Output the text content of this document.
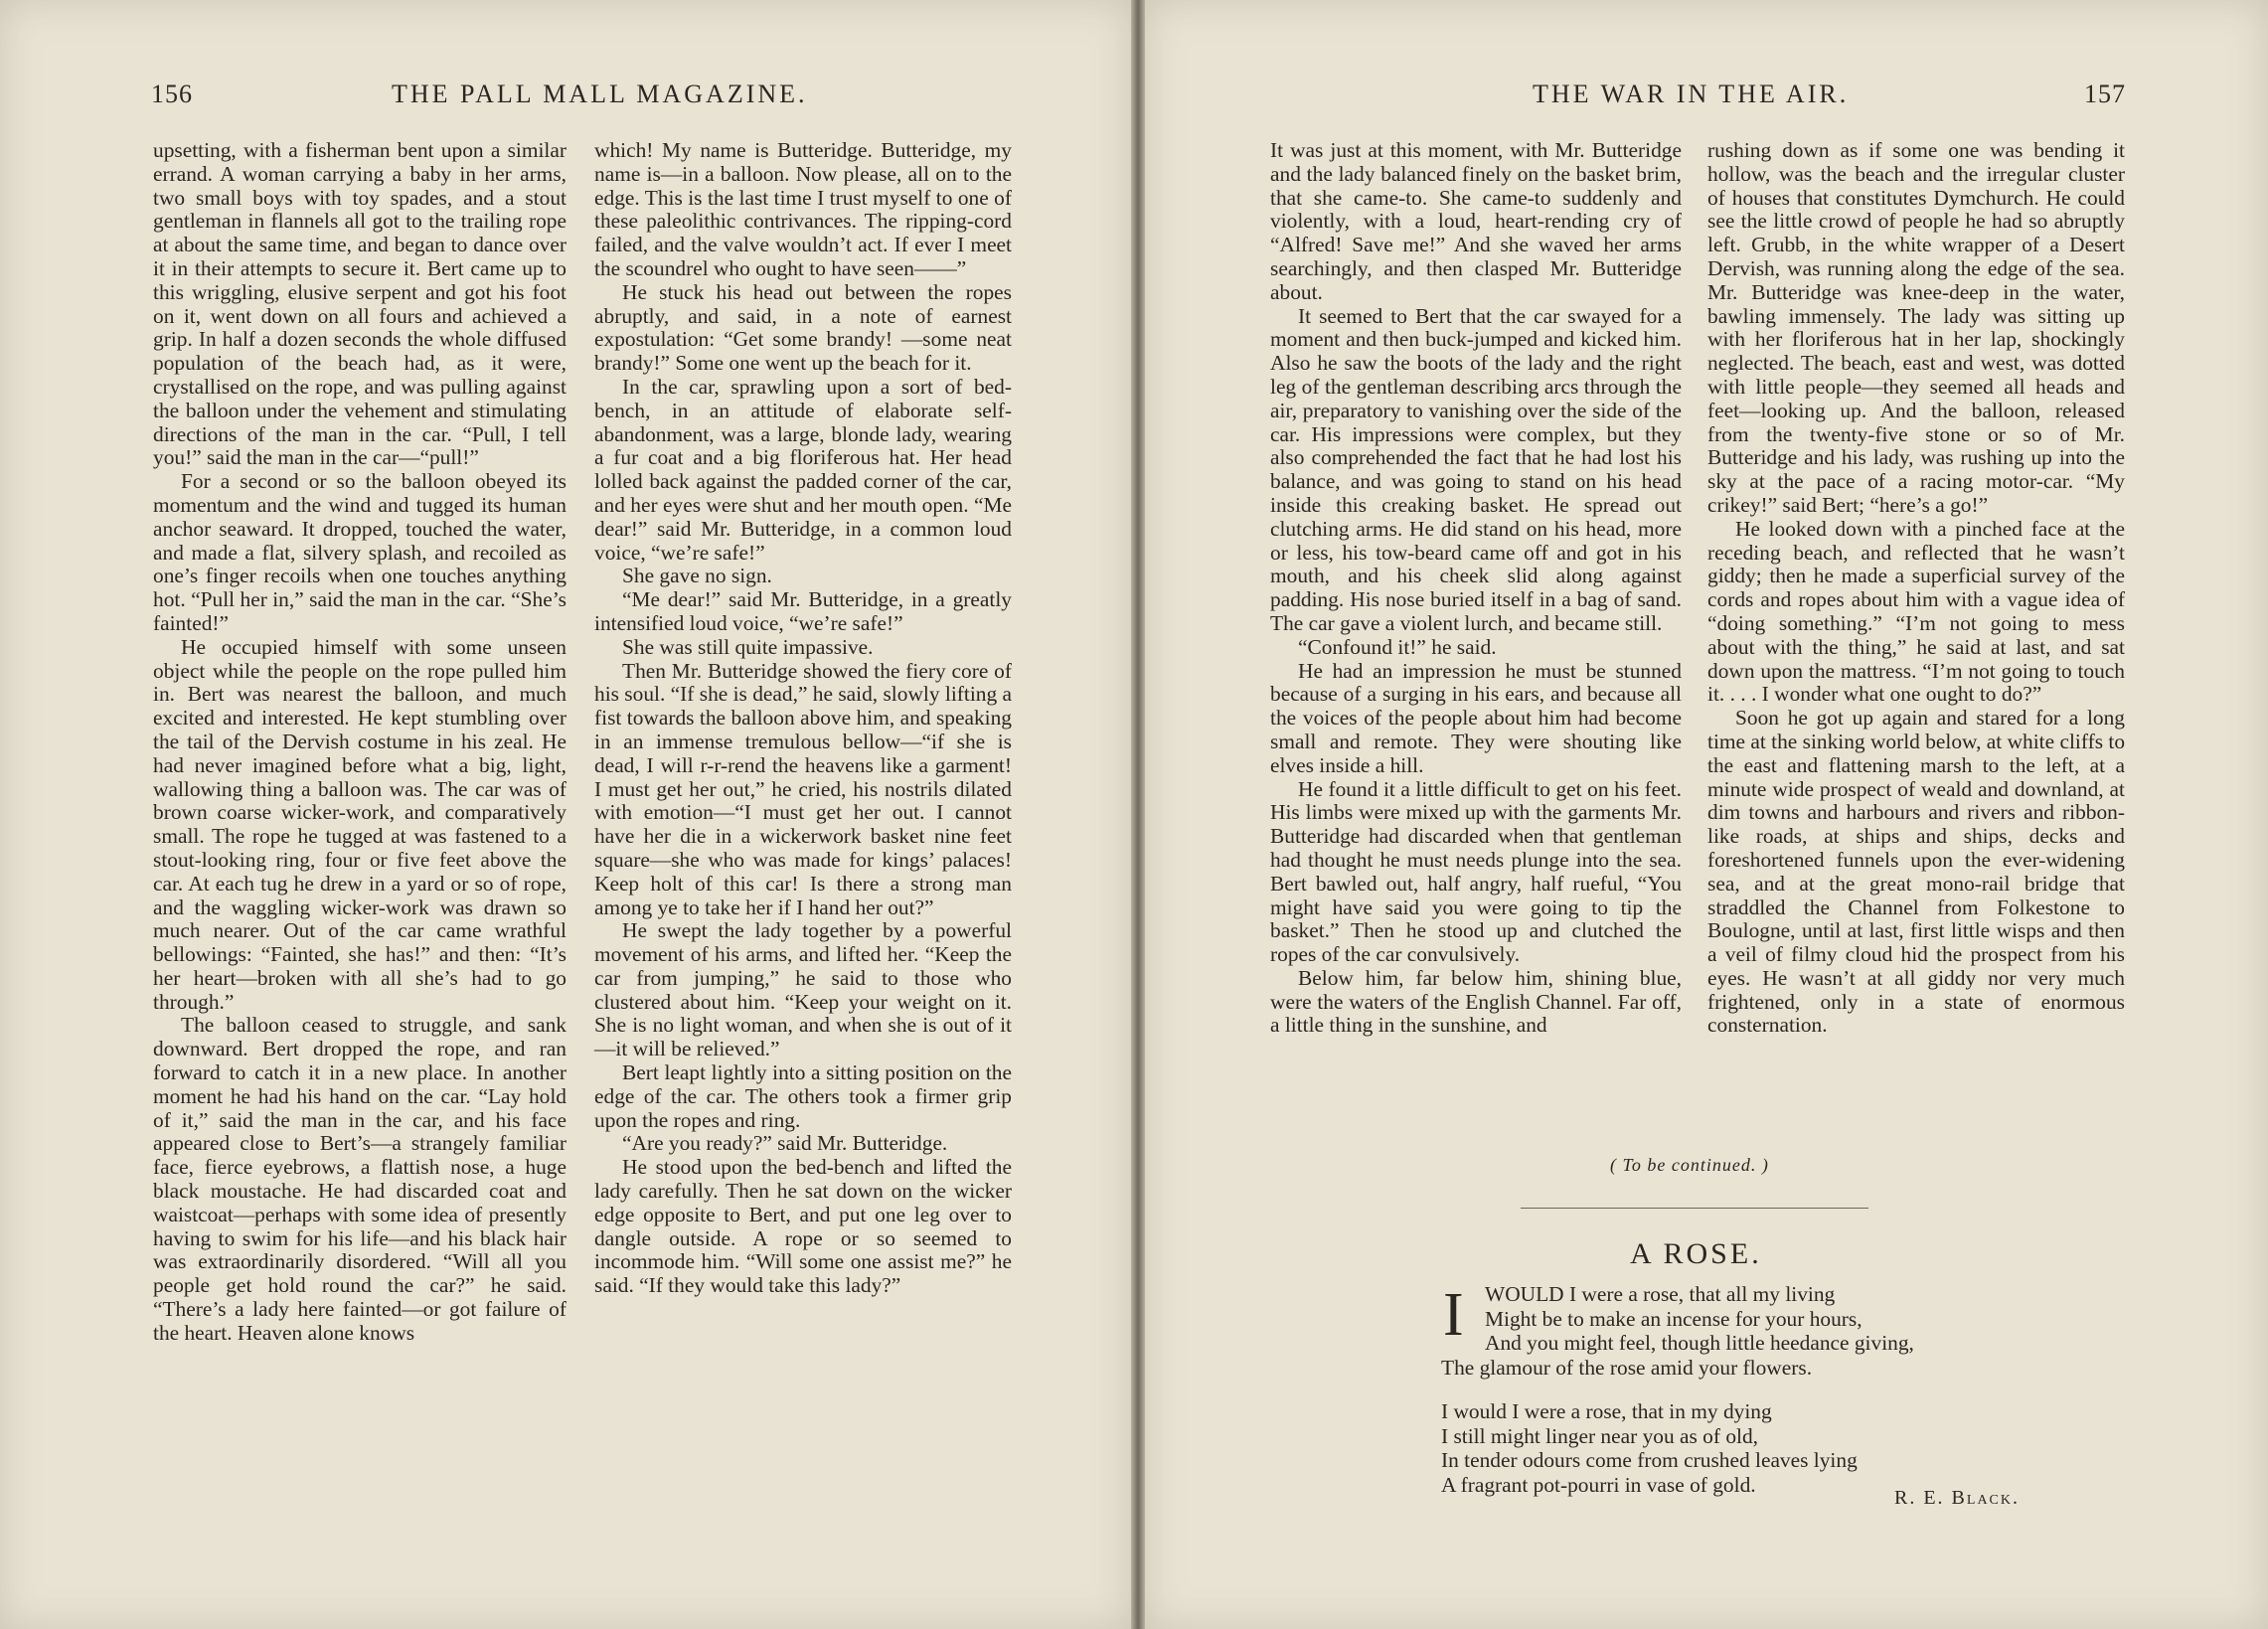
156	THE PALL MALL MAGAZINE.

upsetting, with a fisherman bent upon a similar errand. A woman carrying a baby in her arms, two small boys with toy spades, and a stout gentleman in flannels all got to the trailing rope at about the same time, and began to dance over it in their attempts to secure it. Bert came up to this wriggling, elusive serpent and got his foot on it, went down on all fours and achieved a grip. In half a dozen seconds the whole diffused population of the beach had, as it were, crystallised on the rope, and was pulling against the balloon under the vehement and stimulating directions of the man in the car. “Pull, I tell you!” said the man in the car—“pull!”

For a second or so the balloon obeyed its momentum and the wind and tugged its human anchor seaward. It dropped, touched the water, and made a flat, silvery splash, and recoiled as one’s finger recoils when one touches anything hot. “Pull her in,” said the man in the car. “She’s fainted!”

He occupied himself with some unseen object while the people on the rope pulled him in. Bert was nearest the balloon, and much excited and interested. He kept stumbling over the tail of the Dervish costume in his zeal. He had never imagined before what a big, light, wallowing thing a balloon was. The car was of brown coarse wicker-work, and comparatively small. The rope he tugged at was fastened to a stout-looking ring, four or five feet above the car. At each tug he drew in a yard or so of rope, and the waggling wicker-work was drawn so much nearer. Out of the car came wrathful bellowings: “Fainted, she has!” and then: “It’s her heart—broken with all she’s had to go through.”

The balloon ceased to struggle, and sank downward. Bert dropped the rope, and ran forward to catch it in a new place. In another moment he had his hand on the car. “Lay hold of it,” said the man in the car, and his face appeared close to Bert’s—a strangely familiar face, fierce eyebrows, a flattish nose, a huge black moustache. He had discarded coat and waistcoat—perhaps with some idea of presently having to swim for his life—and his black hair was extraordinarily disordered. “Will all you people get hold round the car?” he said. “There’s a lady here fainted—or got failure of the heart. Heaven alone knows

which! My name is Butteridge. Butteridge, my name is—in a balloon. Now please, all on to the edge. This is the last time I trust myself to one of these paleolithic contrivances. The ripping-cord failed, and the valve wouldn’t act. If ever I meet the scoundrel who ought to have seen——”

He stuck his head out between the ropes abruptly, and said, in a note of earnest expostulation: “Get some brandy! —some neat brandy!” Some one went up the beach for it.

In the car, sprawling upon a sort of bed-bench, in an attitude of elaborate self-abandonment, was a large, blonde lady, wearing a fur coat and a big floriferous hat. Her head lolled back against the padded corner of the car, and her eyes were shut and her mouth open. “Me dear!” said Mr. Butteridge, in a common loud voice, “we’re safe!”

She gave no sign.

“Me dear!” said Mr. Butteridge, in a greatly intensified loud voice, “we’re safe!”

She was still quite impassive.

Then Mr. Butteridge showed the fiery core of his soul. “If she is dead,” he said, slowly lifting a fist towards the balloon above him, and speaking in an immense tremulous bellow—“if she is dead, I will r-r-rend the heavens like a garment! I must get her out,” he cried, his nostrils dilated with emotion—“I must get her out. I cannot have her die in a wickerwork basket nine feet square—she who was made for kings’ palaces! Keep holt of this car! Is there a strong man among ye to take her if I hand her out?”

He swept the lady together by a powerful movement of his arms, and lifted her. “Keep the car from jumping,” he said to those who clustered about him. “Keep your weight on it. She is no light woman, and when she is out of it—it will be relieved.”

Bert leapt lightly into a sitting position on the edge of the car. The others took a firmer grip upon the ropes and ring.

“Are you ready?” said Mr. Butteridge.

He stood upon the bed-bench and lifted the lady carefully. Then he sat down on the wicker edge opposite to Bert, and put one leg over to dangle outside. A rope or so seemed to incommode him. “Will some one assist me?” he said. “If they would take this lady?”

THE WAR IN THE AIR.	157

It was just at this moment, with Mr. Butteridge and the lady balanced finely on the basket brim, that she came-to. She came-to suddenly and violently, with a loud, heart-rending cry of “Alfred! Save me!” And she waved her arms searchingly, and then clasped Mr. Butteridge about.

It seemed to Bert that the car swayed for a moment and then buck-jumped and kicked him. Also he saw the boots of the lady and the right leg of the gentleman describing arcs through the air, preparatory to vanishing over the side of the car. His impressions were complex, but they also comprehended the fact that he had lost his balance, and was going to stand on his head inside this creaking basket. He spread out clutching arms. He did stand on his head, more or less, his tow-beard came off and got in his mouth, and his cheek slid along against padding. His nose buried itself in a bag of sand. The car gave a violent lurch, and became still.

“Confound it!” he said.

He had an impression he must be stunned because of a surging in his ears, and because all the voices of the people about him had become small and remote. They were shouting like elves inside a hill.

He found it a little difficult to get on his feet. His limbs were mixed up with the garments Mr. Butteridge had discarded when that gentleman had thought he must needs plunge into the sea. Bert bawled out, half angry, half rueful, “You might have said you were going to tip the basket.” Then he stood up and clutched the ropes of the car convulsively.

Below him, far below him, shining blue, were the waters of the English Channel. Far off, a little thing in the sunshine, and

rushing down as if some one was bending it hollow, was the beach and the irregular cluster of houses that constitutes Dymchurch. He could see the little crowd of people he had so abruptly left. Grubb, in the white wrapper of a Desert Dervish, was running along the edge of the sea. Mr. Butteridge was knee-deep in the water, bawling immensely. The lady was sitting up with her floriferous hat in her lap, shockingly neglected. The beach, east and west, was dotted with little people—they seemed all heads and feet—looking up. And the balloon, released from the twenty-five stone or so of Mr. Butteridge and his lady, was rushing up into the sky at the pace of a racing motor-car. “My crikey!” said Bert; “here’s a go!”

He looked down with a pinched face at the receding beach, and reflected that he wasn’t giddy; then he made a superficial survey of the cords and ropes about him with a vague idea of “doing something.” “I’m not going to mess about with the thing,” he said at last, and sat down upon the mattress. “I’m not going to touch it. . . . I wonder what one ought to do?”

Soon he got up again and stared for a long time at the sinking world below, at white cliffs to the east and flattening marsh to the left, at a minute wide prospect of weald and downland, at dim towns and harbours and rivers and ribbon-like roads, at ships and ships, decks and foreshortened funnels upon the ever-widening sea, and at the great mono-rail bridge that straddled the Channel from Folkestone to Boulogne, until at last, first little wisps and then a veil of filmy cloud hid the prospect from his eyes. He wasn’t at all giddy nor very much frightened, only in a state of enormous consternation.

( To be continued. )
A ROSE.
I WOULD I were a rose, that all my living
Might be to make an incense for your hours,
And you might feel, though little heedance giving,
The glamour of the rose amid your flowers.
I would I were a rose, that in my dying
I still might linger near you as of old,
In tender odours come from crushed leaves lying
A fragrant pot-pourri in vase of gold.
R. E. Black.
